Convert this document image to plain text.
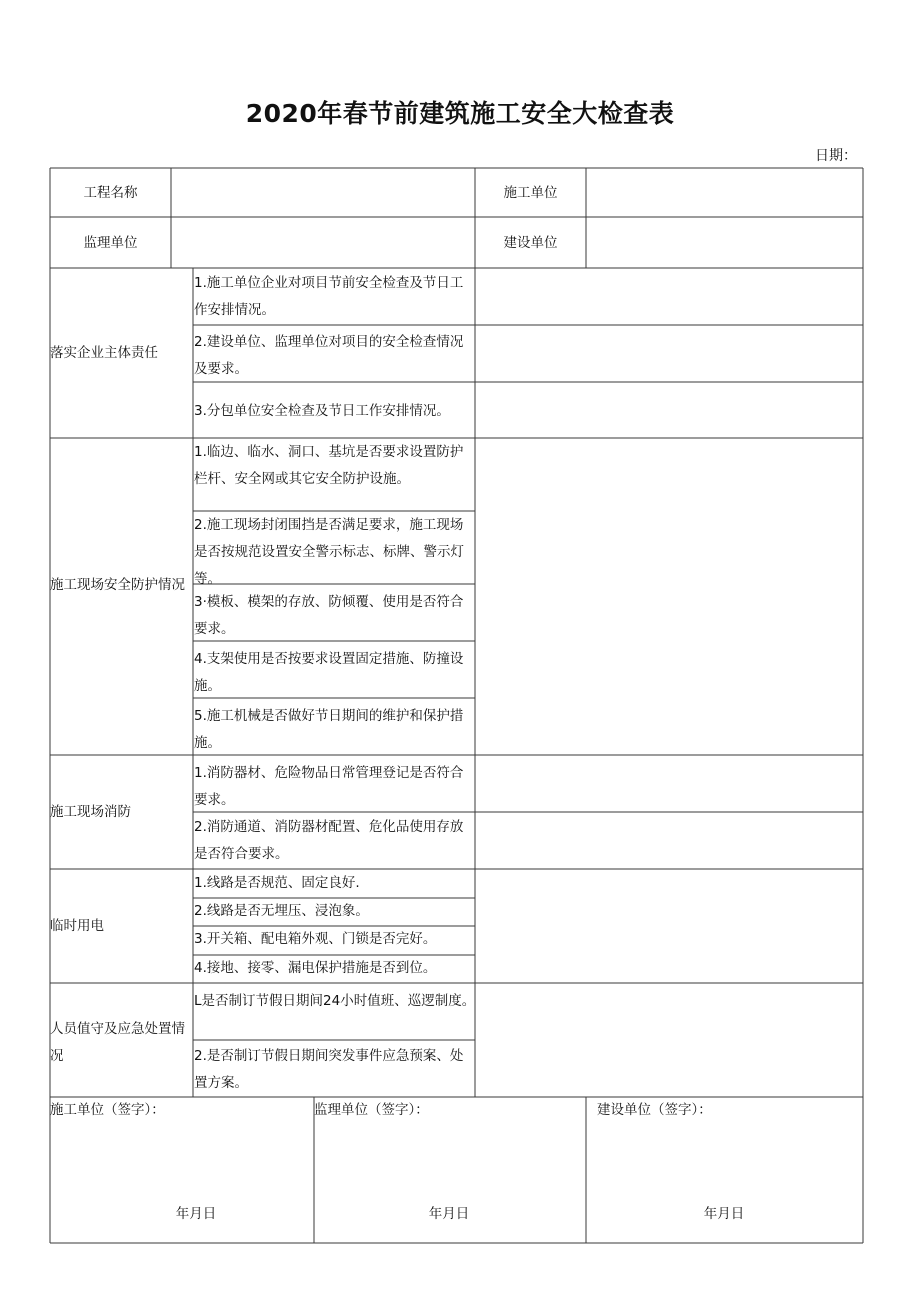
2020年春节前建筑施工安全大检查表
日期：
工程名称	施工单位
监理单位	建设单位
落实企业主体责任
1.施工单位企业对项目节前安全检查及节日工作安排情况。
2.建设单位、监理单位对项目的安全检查情况及要求。
3.分包单位安全检查及节日工作安排情况。
施工现场安全防护情况
1.临边、临水、洞口、基坑是否要求设置防护栏杆、安全网或其它安全防护设施。
2.施工现场封闭围挡是否满足要求，施工现场是否按规范设置安全警示标志、标牌、警示灯等。
3·模板、模架的存放、防倾覆、使用是否符合要求。
4.支架使用是否按要求设置固定措施、防撞设施。
5.施工机械是否做好节日期间的维护和保护措施。
施工现场消防
1.消防器材、危险物品日常管理登记是否符合要求。
2.消防通道、消防器材配置、危化品使用存放是否符合要求。
临时用电
1.线路是否规范、固定良好.
2.线路是否无埋压、浸泡象。
3.开关箱、配电箱外观、门锁是否完好。
4.接地、接零、漏电保护措施是否到位。
人员值守及应急处置情况
L是否制订节假日期间24小时值班、巡逻制度。
2.是否制订节假日期间突发事件应急预案、处置方案。
施工单位（签字）：
年月日
监理单位（签字）：
年月日
建设单位（签字）：
年月日
